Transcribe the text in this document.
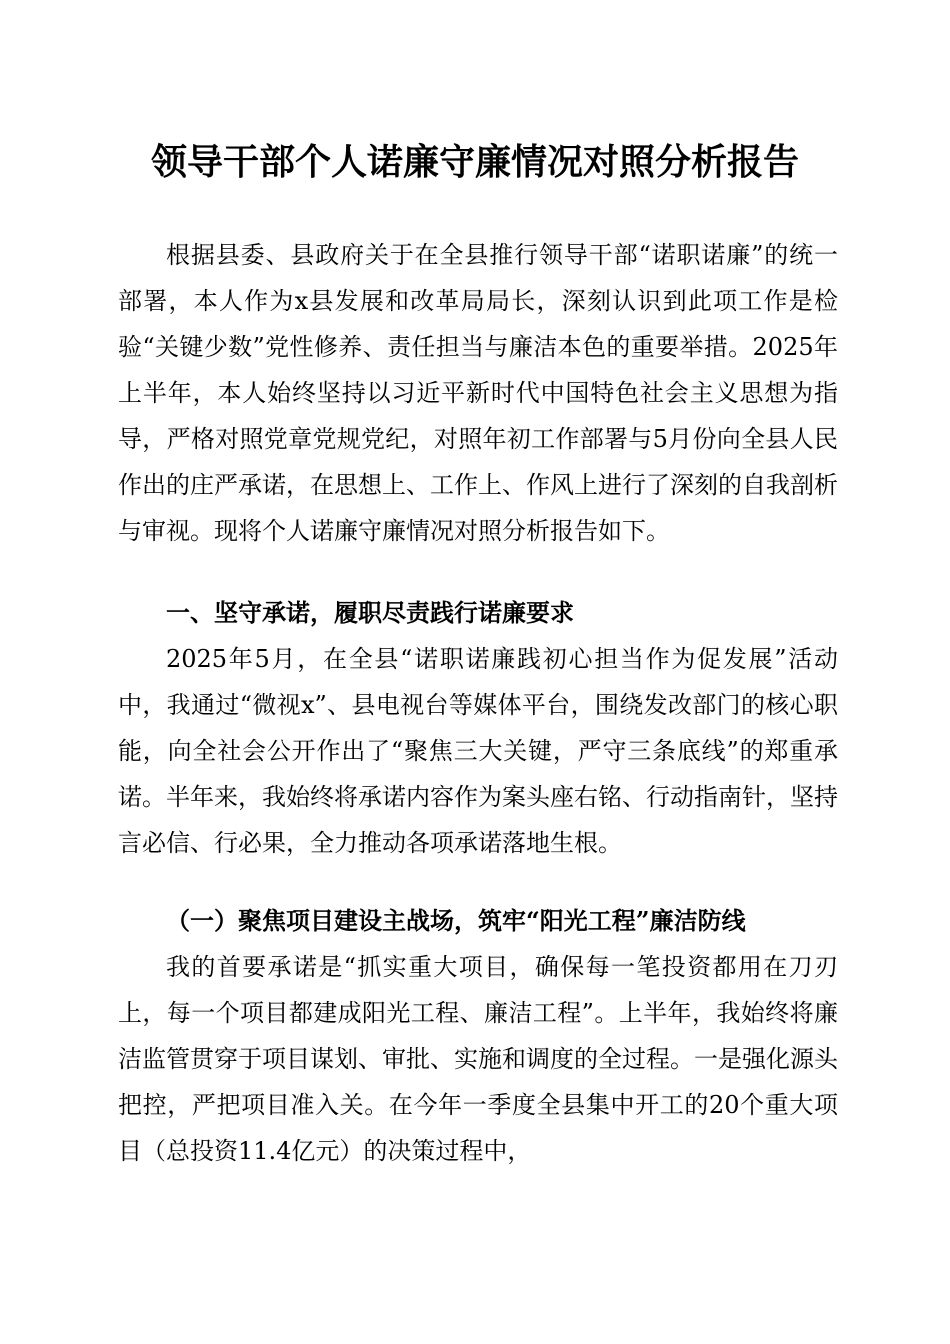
领导干部个人诺廉守廉情况对照分析报告

根据县委、县政府关于在全县推行领导干部“诺职诺廉”的统一部署，本人作为x县发展和改革局局长，深刻认识到此项工作是检验“关键少数”党性修养、责任担当与廉洁本色的重要举措。2025年上半年，本人始终坚持以习近平新时代中国特色社会主义思想为指导，严格对照党章党规党纪，对照年初工作部署与5月份向全县人民作出的庄严承诺，在思想上、工作上、作风上进行了深刻的自我剖析与审视。现将个人诺廉守廉情况对照分析报告如下。

一、坚守承诺，履职尽责践行诺廉要求

2025年5月，在全县“诺职诺廉践初心担当作为促发展”活动中，我通过“微视x”、县电视台等媒体平台，围绕发改部门的核心职能，向全社会公开作出了“聚焦三大关键，严守三条底线”的郑重承诺。半年来，我始终将承诺内容作为案头座右铭、行动指南针，坚持言必信、行必果，全力推动各项承诺落地生根。

（一）聚焦项目建设主战场，筑牢“阳光工程”廉洁防线

我的首要承诺是“抓实重大项目，确保每一笔投资都用在刀刃上，每一个项目都建成阳光工程、廉洁工程”。上半年，我始终将廉洁监管贯穿于项目谋划、审批、实施和调度的全过程。一是强化源头把控，严把项目准入关。在今年一季度全县集中开工的20个重大项目（总投资11.4亿元）的决策过程中，
